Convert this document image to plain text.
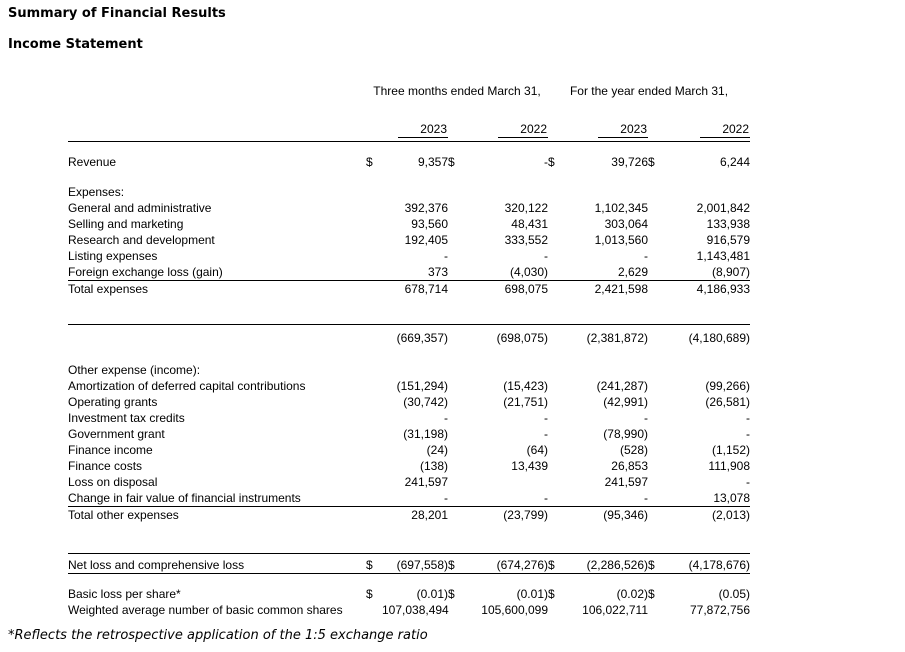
Summary of Financial Results
Income Statement
	Three months ended March 31,				For the year ended March 31,			
	2023		2022		2023		2022	

Revenue	$	9,357	$	-	$	39,726	$	6,244

Expenses:								
General and administrative		392,376		320,122		1,102,345		2,001,842
Selling and marketing		93,560		48,431		303,064		133,938
Research and development		192,405		333,552		1,013,560		916,579
Listing expenses		-		-		-		1,143,481
Foreign exchange loss (gain)		373		(4,030)		2,629		(8,907)
Total expenses		678,714		698,075		2,421,598		4,186,933

		(669,357)		(698,075)		(2,381,872)		(4,180,689)

Other expense (income):								
Amortization of deferred capital contributions		(151,294)		(15,423)		(241,287)		(99,266)
Operating grants		(30,742)		(21,751)		(42,991)		(26,581)
Investment tax credits		-		-		-		-
Government grant		(31,198)		-		(78,990)		-
Finance income		(24)		(64)		(528)		(1,152)
Finance costs		(138)		13,439		26,853		111,908
Loss on disposal		241,597				241,597		-
Change in fair value of financial instruments		-		-		-		13,078
Total other expenses		28,201		(23,799)		(95,346)		(2,013)

Net loss and comprehensive loss	$	(697,558)	$	(674,276)	$	(2,286,526)	$	(4,178,676)

Basic loss per share*	$	(0.01)	$	(0.01)	$	(0.02)	$	(0.05)
Weighted average number of basic common shares		107,038,494		105,600,099		106,022,711		77,872,756

*Reflects the retrospective application of the 1:5 exchange ratio
